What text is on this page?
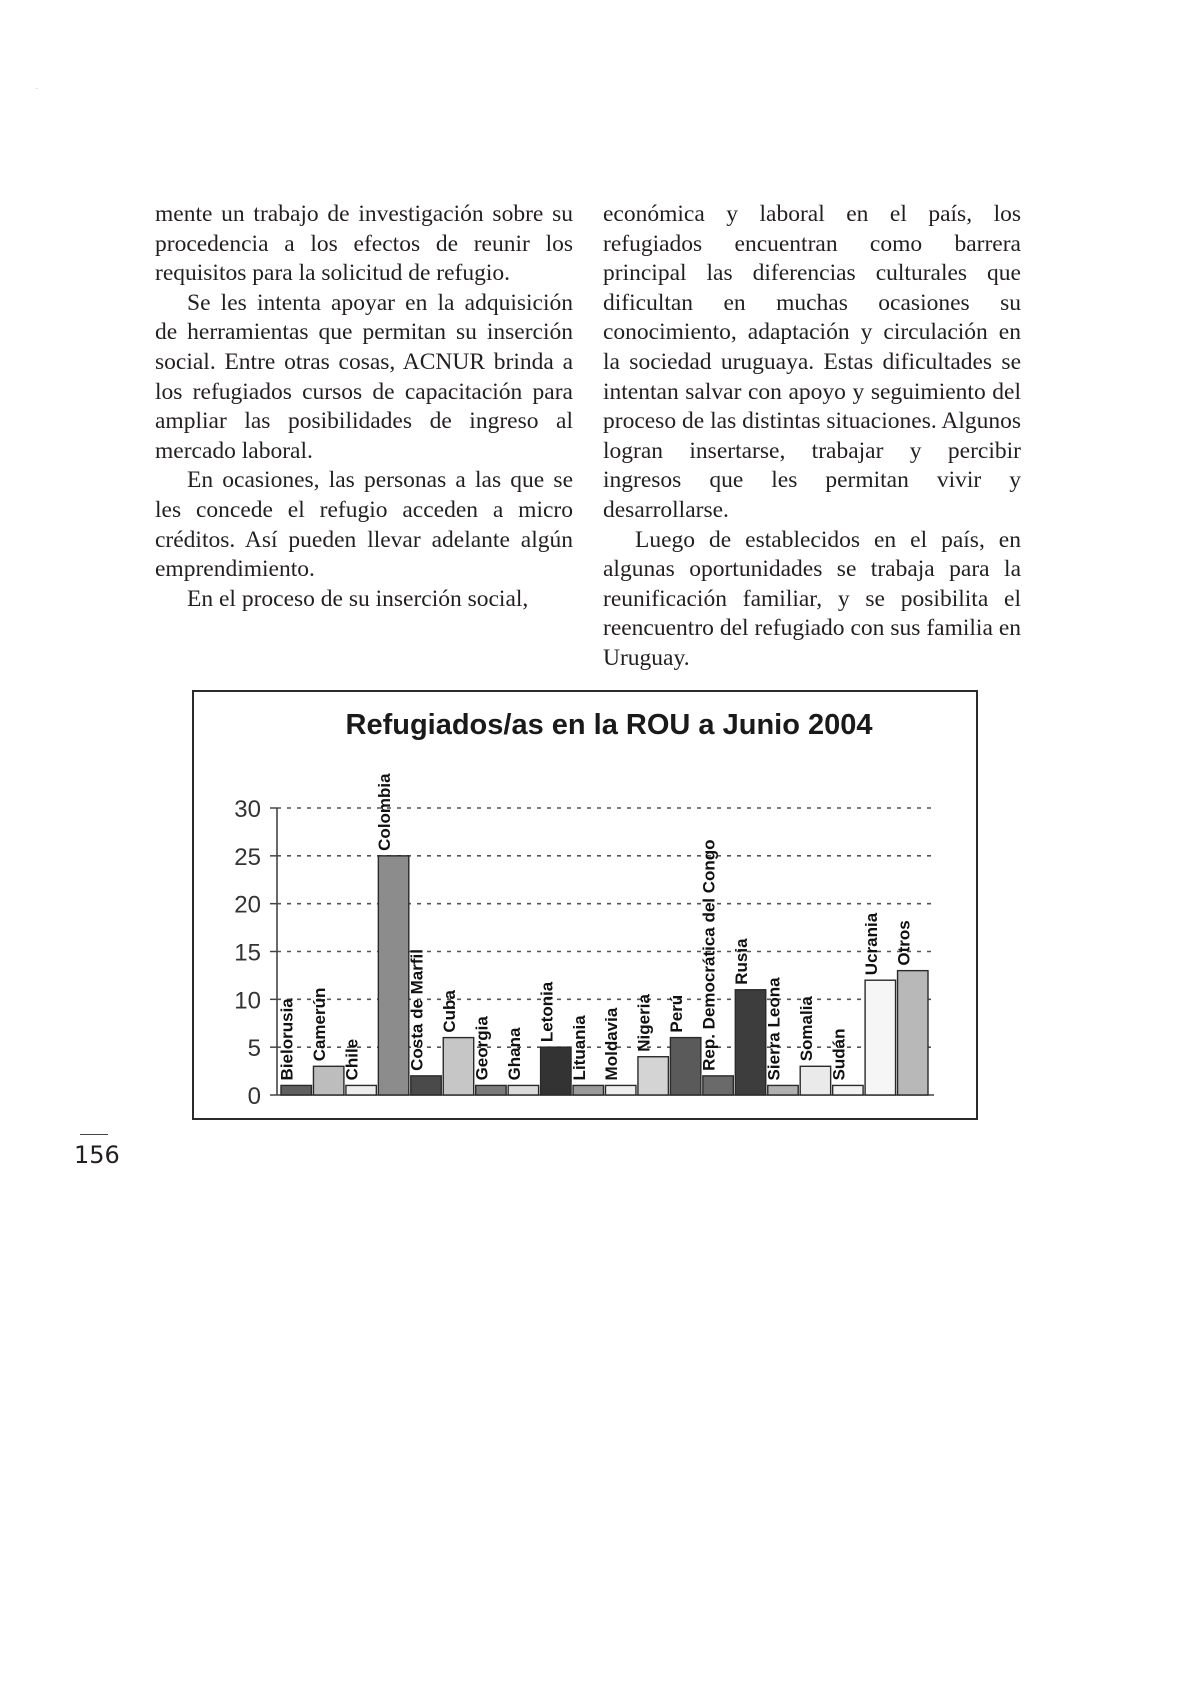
.

mente un trabajo de investigación sobre su procedencia a los efectos de reunir los requisitos para la solicitud de refugio.

Se les intenta apoyar en la adquisición de herramientas que permitan su inserción social. Entre otras cosas, ACNUR brinda a los refugiados cursos de capacitación para ampliar las posibilidades de ingreso al mercado laboral.

En ocasiones, las personas a las que se les concede el refugio acceden a micro créditos. Así pueden llevar adelante algún emprendimiento.

En el proceso de su inserción social,

económica y laboral en el país, los refugiados encuentran como barrera principal las diferencias culturales que dificultan en muchas ocasiones su conocimiento, adaptación y circulación en la sociedad uruguaya. Estas dificultades se intentan salvar con apoyo y seguimiento del proceso de las distintas situaciones. Algunos logran insertarse, trabajar y percibir ingresos que les permitan vivir y desarrollarse.

Luego de establecidos en el país, en algunas oportunidades se trabaja para la reunificación familiar, y se posibilita el reencuentro del refugiado con sus familia en Uruguay.

Refugiados/as en la ROU a Junio 2004
0
5
10
15
20
25
30
Bielorusia Camerún Chile
Colombia
Costa de Marfil Cuba
Georgia Ghana
Letonia
Lituania Moldavia Nigeria Perú Rep. Democrática del Congo Rusia
Sierra Leona Somalia Sudán
Ucrania Otros
156
